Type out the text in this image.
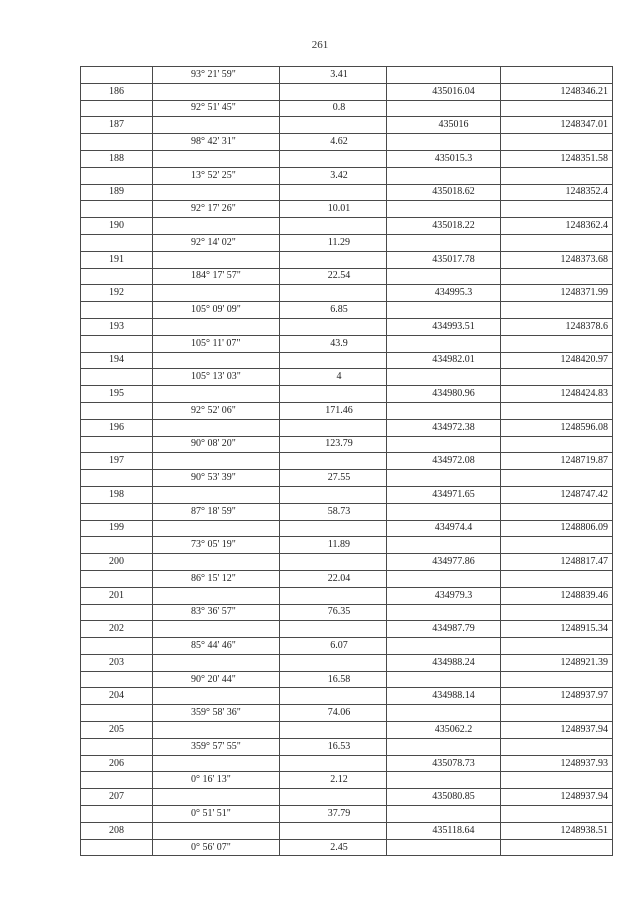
261
	93° 21' 59"	3.41		
186			435016.04	1248346.21
	92° 51' 45"	0.8		
187			435016	1248347.01
	98° 42' 31"	4.62		
188			435015.3	1248351.58
	13° 52' 25"	3.42		
189			435018.62	1248352.4
	92° 17' 26"	10.01		
190			435018.22	1248362.4
	92° 14' 02"	11.29		
191			435017.78	1248373.68
	184° 17' 57"	22.54		
192			434995.3	1248371.99
	105° 09' 09"	6.85		
193			434993.51	1248378.6
	105° 11' 07"	43.9		
194			434982.01	1248420.97
	105° 13' 03"	4		
195			434980.96	1248424.83
	92° 52' 06"	171.46		
196			434972.38	1248596.08
	90° 08' 20"	123.79		
197			434972.08	1248719.87
	90° 53' 39"	27.55		
198			434971.65	1248747.42
	87° 18' 59"	58.73		
199			434974.4	1248806.09
	73° 05' 19"	11.89		
200			434977.86	1248817.47
	86° 15' 12"	22.04		
201			434979.3	1248839.46
	83° 36' 57"	76.35		
202			434987.79	1248915.34
	85° 44' 46"	6.07		
203			434988.24	1248921.39
	90° 20' 44"	16.58		
204			434988.14	1248937.97
	359° 58' 36"	74.06		
205			435062.2	1248937.94
	359° 57' 55"	16.53		
206			435078.73	1248937.93
	0° 16' 13"	2.12		
207			435080.85	1248937.94
	0° 51' 51"	37.79		
208			435118.64	1248938.51
	0° 56' 07"	2.45		
